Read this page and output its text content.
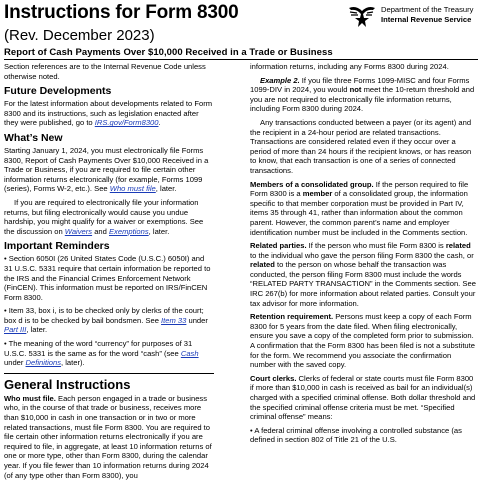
Instructions for Form 8300
(Rev. December 2023)
Report of Cash Payments Over $10,000 Received in a Trade or Business
Department of the Treasury
Internal Revenue Service

Section references are to the Internal Revenue Code unless otherwise noted.

Future Developments

For the latest information about developments related to Form 8300 and its instructions, such as legislation enacted after they were published, go to IRS.gov/Form8300.

What’s New

Starting January 1, 2024, you must electronically file Forms 8300, Report of Cash Payments Over $10,000 Received in a Trade or Business, if you are required to file certain other information returns electronically (for example, Forms 1099 (series), Forms W-2, etc.). See Who must file, later.

If you are required to electronically file your information returns, but filing electronically would cause you undue hardship, you might qualify for a waiver or exemptions. See the discussion on Waivers and Exemptions, later.

Important Reminders

• Section 6050I (26 United States Code (U.S.C.) 6050I) and 31 U.S.C. 5331 require that certain information be reported to the IRS and the Financial Crimes Enforcement Network (FinCEN). This information must be reported on IRS/FinCEN Form 8300.

• Item 33, box i, is to be checked only by clerks of the court; box d is to be checked by bail bondsmen. See Item 33 under Part III, later.

• The meaning of the word “currency” for purposes of 31 U.S.C. 5331 is the same as for the word “cash” (see Cash under Definitions, later).

General Instructions

Who must file. Each person engaged in a trade or business who, in the course of that trade or business, receives more than $10,000 in cash in one transaction or in two or more related transactions, must file Form 8300. You are required to file certain other information returns electronically if you are required to file, in aggregate, at least 10 information returns of one or more type, other than Form 8300, during the calendar year. If you file fewer than 10 information returns during 2024 (of any type other than Form 8300), you

information returns, including any Forms 8300 during 2024.

Example 2. If you file three Forms 1099-MISC and four Forms 1099-DIV in 2024, you would not meet the 10-return threshold and you are not required to electronically file information returns, including Form 8300 during 2024.

Any transactions conducted between a payer (or its agent) and the recipient in a 24-hour period are related transactions. Transactions are considered related even if they occur over a period of more than 24 hours if the recipient knows, or has reason to know, that each transaction is one of a series of connected transactions.

Members of a consolidated group. If the person required to file Form 8300 is a member of a consolidated group, the information specific to that member corporation must be provided in Part IV, items 35 through 41, rather than information about the common parent. However, the common parent’s name and employer identification number must be included in the Comments section.

Related parties. If the person who must file Form 8300 is related to the individual who gave the person filing Form 8300 the cash, or related to the person on whose behalf the transaction was conducted, the person filing Form 8300 must include the words “RELATED PARTY TRANSACTION” in the Comments section. See IRC 267(b) for more information about related parties. Consult your tax advisor for more information.

Retention requirement. Persons must keep a copy of each Form 8300 for 5 years from the date filed. When filing electronically, ensure you save a copy of the completed form prior to submission. A confirmation that the Form 8300 has been filed is not a substitute for the form. We recommend you associate the confirmation number with the saved copy.

Court clerks. Clerks of federal or state courts must file Form 8300 if more than $10,000 in cash is received as bail for an individual(s) charged with a specified criminal offense. Both dollar threshold and the specified criminal offense criteria must be met. “Specified criminal offense” means:

• A federal criminal offense involving a controlled substance (as defined in section 802 of Title 21 of the U.S.
